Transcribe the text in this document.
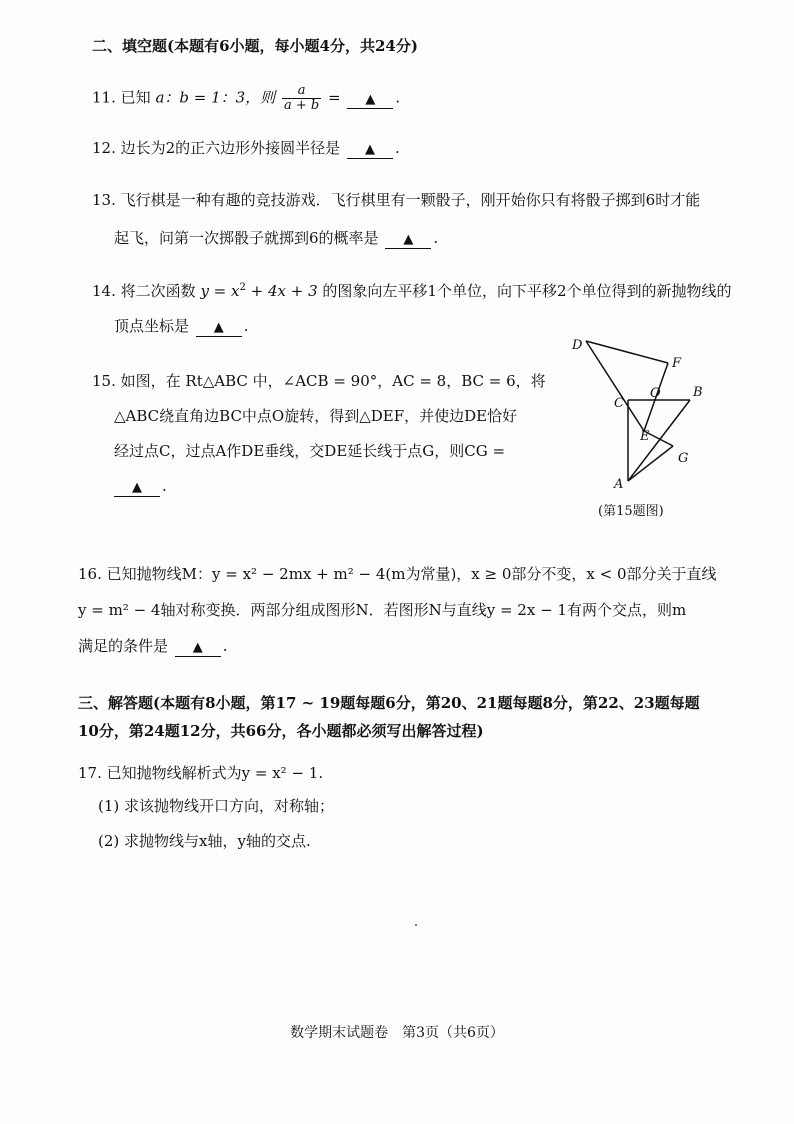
二、填空题(本题有6小题，每小题4分，共24分)
11. 已知 a：b = 1：3，则 $\frac{a}{a + b}$ = ▲ .
12. 边长为2的正六边形外接圆半径是 ▲ .
13. 飞行棋是一种有趣的竞技游戏．飞行棋里有一颗骰子，刚开始你只有将骰子掷到6时才能
起飞，问第一次掷骰子就掷到6的概率是 ▲ .
14. 将二次函数 $y = x^2 + 4x + 3$ 的图象向左平移1个单位，向下平移2个单位得到的新抛物线的
顶点坐标是 ▲ .
15. 如图，在 Rt△ABC 中，∠ACB = 90°，AC = 8，BC = 6，将
△ABC绕直角边BC中点O旋转，得到△DEF，并使边DE恰好
经过点C，过点A作DE垂线，交DE延长线于点G，则CG =
▲ .
D
F
O B
C
E
G
A
(第15题图)
16. 已知抛物线M：y = x² − 2mx + m² − 4(m为常量)，x ≥ 0部分不变，x < 0部分关于直线
y = m² − 4轴对称变换．两部分组成图形N．若图形N与直线y = 2x − 1有两个交点，则m
满足的条件是 ▲ .
三、解答题(本题有8小题，第17 ~ 19题每题6分，第20、21题每题8分，第22、23题每题
10分，第24题12分，共66分，各小题都必须写出解答过程)
17. 已知抛物线解析式为y = x² − 1.
(1) 求该抛物线开口方向，对称轴；
(2) 求抛物线与x轴，y轴的交点.
数学期末试题卷　第3页（共6页）
